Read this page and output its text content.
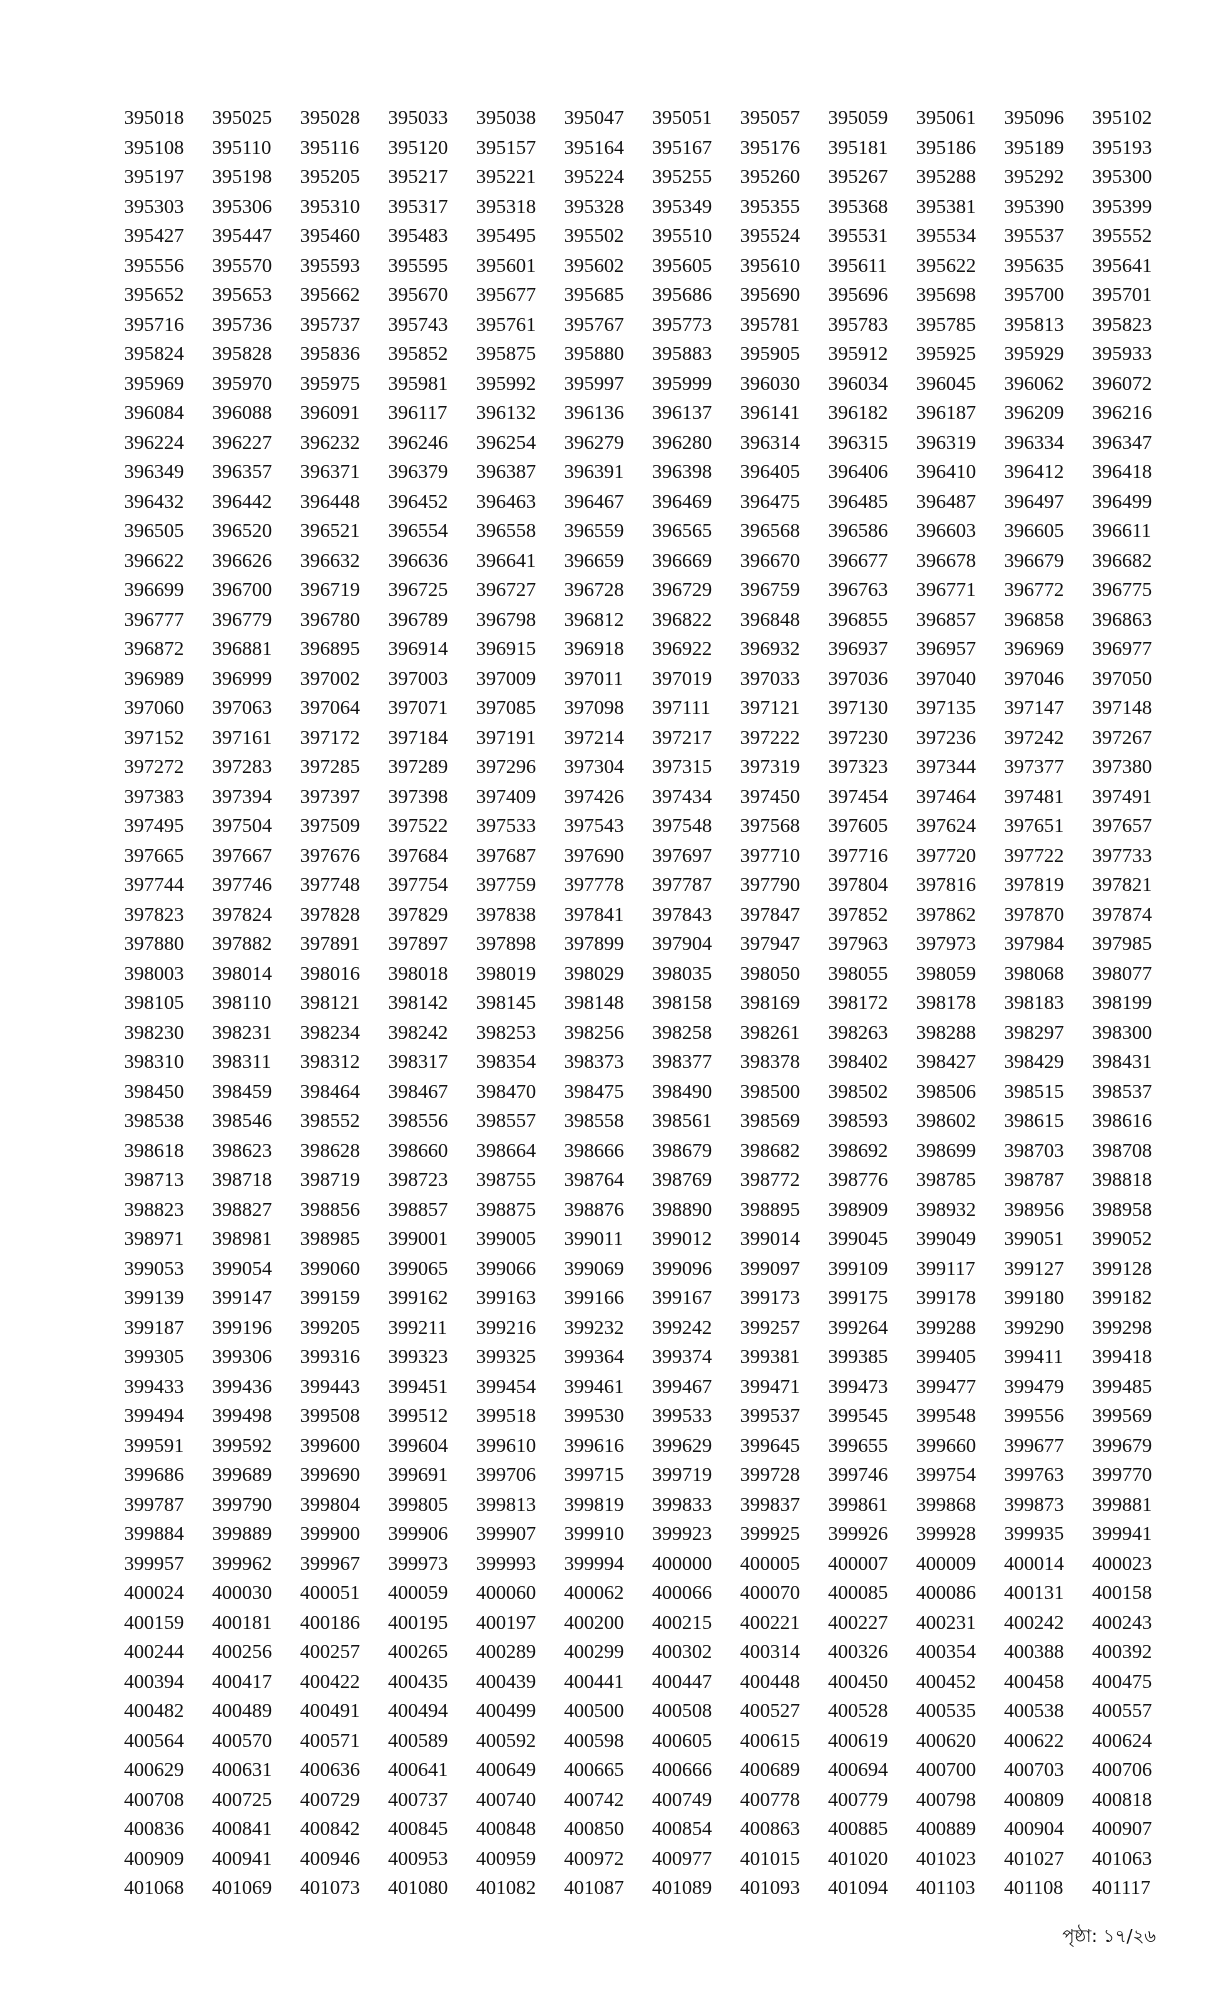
395018	395025	395028	395033	395038	395047	395051	395057	395059	395061	395096	395102
395108	395110	395116	395120	395157	395164	395167	395176	395181	395186	395189	395193
395197	395198	395205	395217	395221	395224	395255	395260	395267	395288	395292	395300
395303	395306	395310	395317	395318	395328	395349	395355	395368	395381	395390	395399
395427	395447	395460	395483	395495	395502	395510	395524	395531	395534	395537	395552
395556	395570	395593	395595	395601	395602	395605	395610	395611	395622	395635	395641
395652	395653	395662	395670	395677	395685	395686	395690	395696	395698	395700	395701
395716	395736	395737	395743	395761	395767	395773	395781	395783	395785	395813	395823
395824	395828	395836	395852	395875	395880	395883	395905	395912	395925	395929	395933
395969	395970	395975	395981	395992	395997	395999	396030	396034	396045	396062	396072
396084	396088	396091	396117	396132	396136	396137	396141	396182	396187	396209	396216
396224	396227	396232	396246	396254	396279	396280	396314	396315	396319	396334	396347
396349	396357	396371	396379	396387	396391	396398	396405	396406	396410	396412	396418
396432	396442	396448	396452	396463	396467	396469	396475	396485	396487	396497	396499
396505	396520	396521	396554	396558	396559	396565	396568	396586	396603	396605	396611
396622	396626	396632	396636	396641	396659	396669	396670	396677	396678	396679	396682
396699	396700	396719	396725	396727	396728	396729	396759	396763	396771	396772	396775
396777	396779	396780	396789	396798	396812	396822	396848	396855	396857	396858	396863
396872	396881	396895	396914	396915	396918	396922	396932	396937	396957	396969	396977
396989	396999	397002	397003	397009	397011	397019	397033	397036	397040	397046	397050
397060	397063	397064	397071	397085	397098	397111	397121	397130	397135	397147	397148
397152	397161	397172	397184	397191	397214	397217	397222	397230	397236	397242	397267
397272	397283	397285	397289	397296	397304	397315	397319	397323	397344	397377	397380
397383	397394	397397	397398	397409	397426	397434	397450	397454	397464	397481	397491
397495	397504	397509	397522	397533	397543	397548	397568	397605	397624	397651	397657
397665	397667	397676	397684	397687	397690	397697	397710	397716	397720	397722	397733
397744	397746	397748	397754	397759	397778	397787	397790	397804	397816	397819	397821
397823	397824	397828	397829	397838	397841	397843	397847	397852	397862	397870	397874
397880	397882	397891	397897	397898	397899	397904	397947	397963	397973	397984	397985
398003	398014	398016	398018	398019	398029	398035	398050	398055	398059	398068	398077
398105	398110	398121	398142	398145	398148	398158	398169	398172	398178	398183	398199
398230	398231	398234	398242	398253	398256	398258	398261	398263	398288	398297	398300
398310	398311	398312	398317	398354	398373	398377	398378	398402	398427	398429	398431
398450	398459	398464	398467	398470	398475	398490	398500	398502	398506	398515	398537
398538	398546	398552	398556	398557	398558	398561	398569	398593	398602	398615	398616
398618	398623	398628	398660	398664	398666	398679	398682	398692	398699	398703	398708
398713	398718	398719	398723	398755	398764	398769	398772	398776	398785	398787	398818
398823	398827	398856	398857	398875	398876	398890	398895	398909	398932	398956	398958
398971	398981	398985	399001	399005	399011	399012	399014	399045	399049	399051	399052
399053	399054	399060	399065	399066	399069	399096	399097	399109	399117	399127	399128
399139	399147	399159	399162	399163	399166	399167	399173	399175	399178	399180	399182
399187	399196	399205	399211	399216	399232	399242	399257	399264	399288	399290	399298
399305	399306	399316	399323	399325	399364	399374	399381	399385	399405	399411	399418
399433	399436	399443	399451	399454	399461	399467	399471	399473	399477	399479	399485
399494	399498	399508	399512	399518	399530	399533	399537	399545	399548	399556	399569
399591	399592	399600	399604	399610	399616	399629	399645	399655	399660	399677	399679
399686	399689	399690	399691	399706	399715	399719	399728	399746	399754	399763	399770
399787	399790	399804	399805	399813	399819	399833	399837	399861	399868	399873	399881
399884	399889	399900	399906	399907	399910	399923	399925	399926	399928	399935	399941
399957	399962	399967	399973	399993	399994	400000	400005	400007	400009	400014	400023
400024	400030	400051	400059	400060	400062	400066	400070	400085	400086	400131	400158
400159	400181	400186	400195	400197	400200	400215	400221	400227	400231	400242	400243
400244	400256	400257	400265	400289	400299	400302	400314	400326	400354	400388	400392
400394	400417	400422	400435	400439	400441	400447	400448	400450	400452	400458	400475
400482	400489	400491	400494	400499	400500	400508	400527	400528	400535	400538	400557
400564	400570	400571	400589	400592	400598	400605	400615	400619	400620	400622	400624
400629	400631	400636	400641	400649	400665	400666	400689	400694	400700	400703	400706
400708	400725	400729	400737	400740	400742	400749	400778	400779	400798	400809	400818
400836	400841	400842	400845	400848	400850	400854	400863	400885	400889	400904	400907
400909	400941	400946	400953	400959	400972	400977	401015	401020	401023	401027	401063
401068	401069	401073	401080	401082	401087	401089	401093	401094	401103	401108	401117
পৃষ্ঠা: ১৭/২৬
